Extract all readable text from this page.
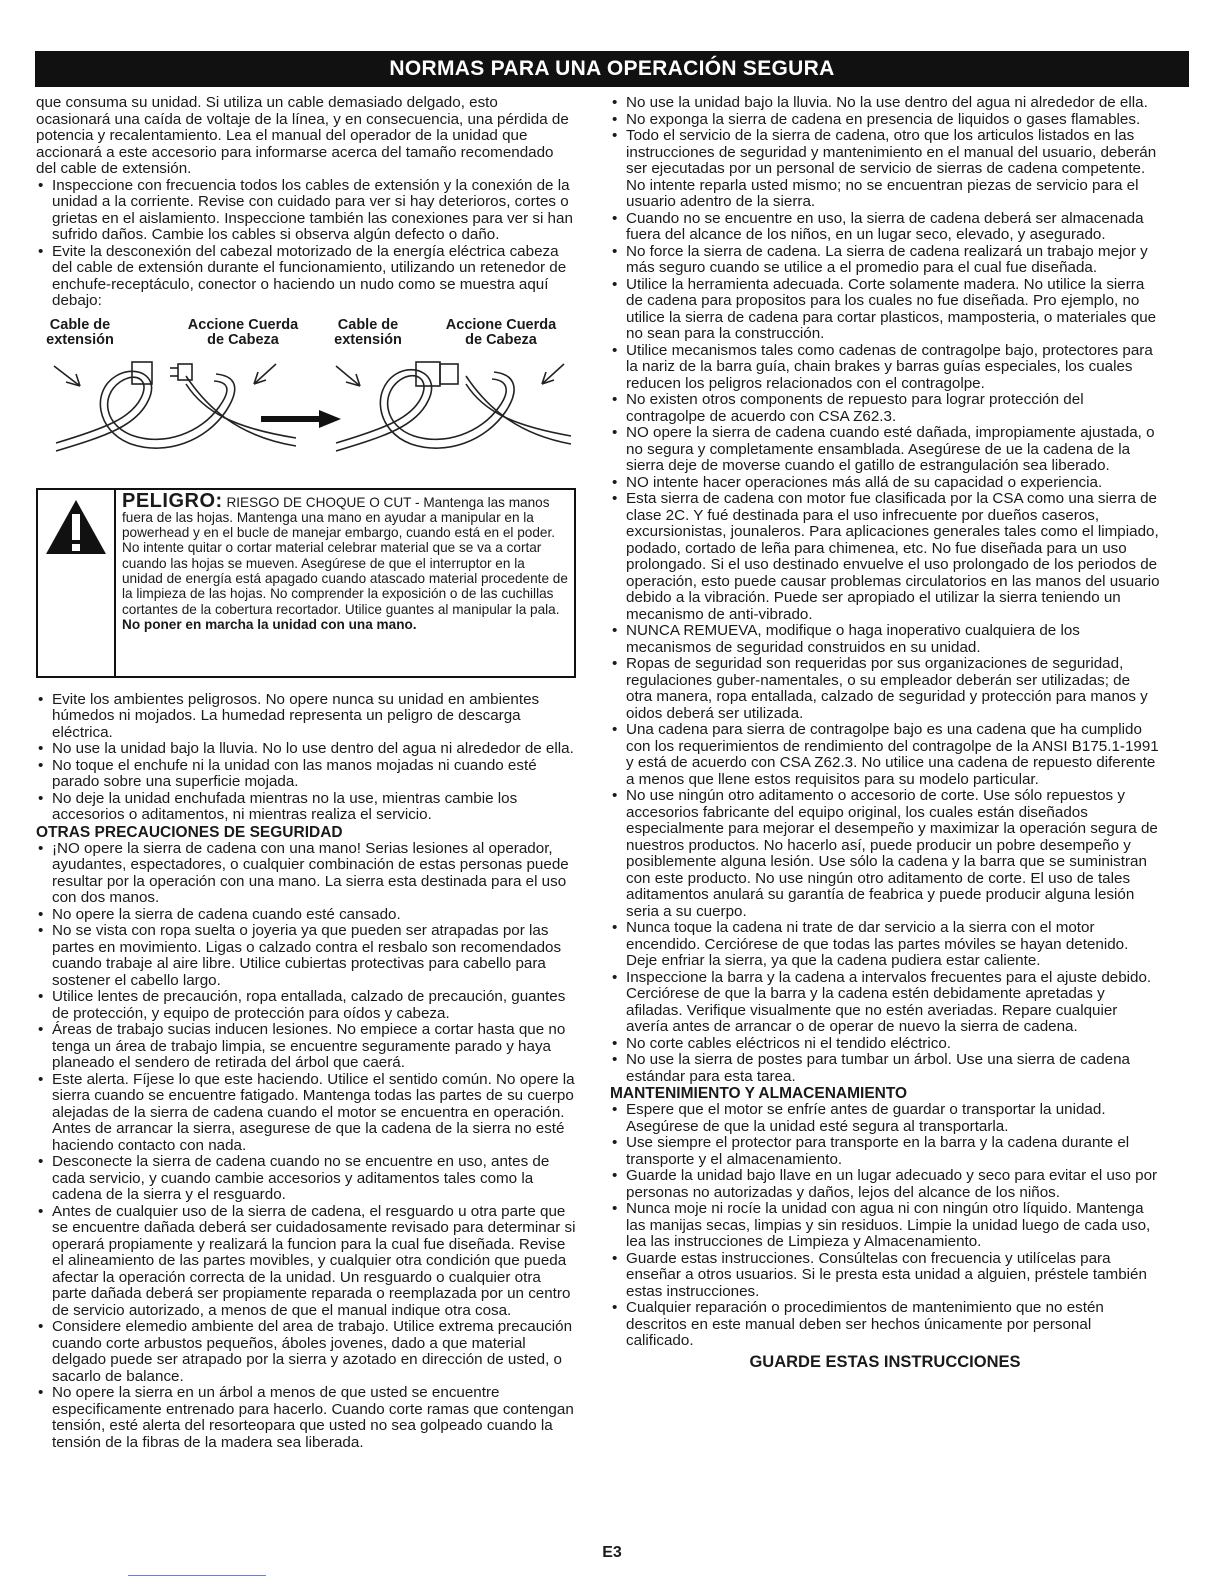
NORMAS PARA UNA OPERACIÓN SEGURA

que consuma su unidad. Si utiliza un cable demasiado delgado, esto ocasionará una caída de voltaje de la línea, y en consecuencia, una pérdida de potencia y recalentamiento. Lea el manual del operador de la unidad que accionará a este accesorio para informarse acerca del tamaño recomendado del cable de extensión.

• Inspeccione con frecuencia todos los cables de extensión y la conexión de la unidad a la corriente. Revise con cuidado para ver si hay deterioros, cortes o grietas en el aislamiento. Inspeccione también las conexiones para ver si han sufrido daños. Cambie los cables si observa algún defecto o daño.
• Evite la desconexión del cabezal motorizado de la energía eléctrica cabeza del cable de extensión durante el funcionamiento, utilizando un retenedor de enchufe-receptáculo, conector o haciendo un nudo como se muestra aquí debajo:
Cable de extensión
Accione Cuerda de Cabeza
Cable de extensión
Accione Cuerda de Cabeza
PELIGRO: RIESGO DE CHOQUE O CUT - Mantenga las manos fuera de las hojas. Mantenga una mano en ayudar a manipular en la powerhead y en el bucle de manejar embargo, cuando está en el poder. No intente quitar o cortar material celebrar material que se va a cortar cuando las hojas se mueven. Asegúrese de que el interruptor en la unidad de energía está apagado cuando atascado material procedente de la limpieza de las hojas. No comprender la exposición o de las cuchillas cortantes de la cobertura recortador. Utilice guantes al manipular la pala. No poner en marcha la unidad con una mano.
• Evite los ambientes peligrosos. No opere nunca su unidad en ambientes húmedos ni mojados. La humedad representa un peligro de descarga eléctrica.
• No use la unidad bajo la lluvia. No lo use dentro del agua ni alrededor de ella.
• No toque el enchufe ni la unidad con las manos mojadas ni cuando esté parado sobre una superficie mojada.
• No deje la unidad enchufada mientras no la use, mientras cambie los accesorios o aditamentos, ni mientras realiza el servicio.
OTRAS PRECAUCIONES DE SEGURIDAD
• ¡NO opere la sierra de cadena con una mano! Serias lesiones al operador, ayudantes, espectadores, o cualquier combinación de estas personas puede resultar por la operación con una mano. La sierra esta destinada para el uso con dos manos.
• No opere la sierra de cadena cuando esté cansado.
• No se vista con ropa suelta o joyeria ya que pueden ser atrapadas por las partes en movimiento. Ligas o calzado contra el resbalo son recomendados cuando trabaje al aire libre. Utilice cubiertas protectivas para cabello para sostener el cabello largo.
• Utilice lentes de precaución, ropa entallada, calzado de precaución, guantes de protección, y equipo de protección para oídos y cabeza.
• Áreas de trabajo sucias inducen lesiones. No empiece a cortar hasta que no tenga un área de trabajo limpia, se encuentre seguramente parado y haya planeado el sendero de retirada del árbol que caerá.
• Este alerta. Fíjese lo que este haciendo. Utilice el sentido común. No opere la sierra cuando se encuentre fatigado. Mantenga todas las partes de su cuerpo alejadas de la sierra de cadena cuando el motor se encuentra en operación. Antes de arrancar la sierra, asegurese de que la cadena de la sierra no esté haciendo contacto con nada.
• Desconecte la sierra de cadena cuando no se encuentre en uso, antes de cada servicio, y cuando cambie accesorios y aditamentos tales como la cadena de la sierra y el resguardo.
• Antes de cualquier uso de la sierra de cadena, el resguardo u otra parte que se encuentre dañada deberá ser cuidadosamente revisado para determinar si operará propiamente y realizará la funcion para la cual fue diseñada. Revise el alineamiento de las partes movibles, y cualquier otra condición que pueda afectar la operación correcta de la unidad. Un resguardo o cualquier otra parte dañada deberá ser propiamente reparada o reemplazada por un centro de servicio autorizado, a menos de que el manual indique otra cosa.
• Considere elemedio ambiente del area de trabajo. Utilice extrema precaución cuando corte arbustos pequeños, áboles jovenes, dado a que material delgado puede ser atrapado por la sierra y azotado en dirección de usted, o sacarlo de balance.
• No opere la sierra en un árbol a menos de que usted se encuentre especificamente entrenado para hacerlo. Cuando corte ramas que contengan tensión, esté alerta del resorteopara que usted no sea golpeado cuando la tensión de la fibras de la madera sea liberada.
• No use la unidad bajo la lluvia. No la use dentro del agua ni alrededor de ella.
• No exponga la sierra de cadena en presencia de liquidos o gases flamables.
• Todo el servicio de la sierra de cadena, otro que los articulos listados en las instrucciones de seguridad y mantenimiento en el manual del usuario, deberán ser ejecutadas por un personal de servicio de sierras de cadena competente. No intente reparla usted mismo; no se encuentran piezas de servicio para el usuario adentro de la sierra.
• Cuando no se encuentre en uso, la sierra de cadena deberá ser almacenada fuera del alcance de los niños, en un lugar seco, elevado, y asegurado.
• No force la sierra de cadena. La sierra de cadena realizará un trabajo mejor y más seguro cuando se utilice a el promedio para el cual fue diseñada.
• Utilice la herramienta adecuada. Corte solamente madera. No utilice la sierra de cadena para propositos para los cuales no fue diseñada. Pro ejemplo, no utilice la sierra de cadena para cortar plasticos, mamposteria, o materiales que no sean para la construcción.
• Utilice mecanismos tales como cadenas de contragolpe bajo, protectores para la nariz de la barra guía, chain brakes y barras guías especiales, los cuales reducen los peligros relacionados con el contragolpe.
• No existen otros components de repuesto para lograr protección del contragolpe de acuerdo con CSA Z62.3.
• NO opere la sierra de cadena cuando esté dañada, impropiamente ajustada, o no segura y completamente ensamblada. Asegúrese de ue la cadena de la sierra deje de moverse cuando el gatillo de estrangulación sea liberado.
• NO intente hacer operaciones más allá de su capacidad o experiencia.
• Esta sierra de cadena con motor fue clasificada por la CSA como una sierra de clase 2C. Y fué destinada para el uso infrecuente por dueños caseros, excursionistas, jounaleros. Para aplicaciones generales tales como el limpiado, podado, cortado de leña para chimenea, etc. No fue diseñada para un uso prolongado. Si el uso destinado envuelve el uso prolongado de los periodos de operación, esto puede causar problemas circulatorios en las manos del usuario debido a la vibración. Puede ser apropiado el utilizar la sierra teniendo un mecanismo de anti-vibrado.
• NUNCA REMUEVA, modifique o haga inoperativo cualquiera de los mecanismos de seguridad construidos en su unidad.
• Ropas de seguridad son requeridas por sus organizaciones de seguridad, regulaciones guber-namentales, o su empleador deberán ser utilizadas; de otra manera, ropa entallada, calzado de seguridad y protección para manos y oidos deberá ser utilizada.
• Una cadena para sierra de contragolpe bajo es una cadena que ha cumplido con los requerimientos de rendimiento del contragolpe de la ANSI B175.1-1991 y está de acuerdo con CSA Z62.3. No utilice una cadena de repuesto diferente a menos que llene estos requisitos para su modelo particular.
• No use ningún otro aditamento o accesorio de corte. Use sólo repuestos y accesorios fabricante del equipo original, los cuales están diseñados especialmente para mejorar el desempeño y maximizar la operación segura de nuestros productos. No hacerlo así, puede producir un pobre desempeño y posiblemente alguna lesión. Use sólo la cadena y la barra que se suministran con este producto. No use ningún otro aditamento de corte. El uso de tales aditamentos anulará su garantía de feabrica y puede producir alguna lesión seria a su cuerpo.
• Nunca toque la cadena ni trate de dar servicio a la sierra con el motor encendido. Cerciórese de que todas las partes móviles se hayan detenido. Deje enfriar la sierra, ya que la cadena pudiera estar caliente.
• Inspeccione la barra y la cadena a intervalos frecuentes para el ajuste debido. Cerciórese de que la barra y la cadena estén debidamente apretadas y afiladas. Verifique visualmente que no estén averiadas. Repare cualquier avería antes de arrancar o de operar de nuevo la sierra de cadena.
• No corte cables eléctricos ni el tendido eléctrico.
• No use la sierra de postes para tumbar un árbol. Use una sierra de cadena estándar para esta tarea.
MANTENIMIENTO Y ALMACENAMIENTO
• Espere que el motor se enfríe antes de guardar o transportar la unidad. Asegúrese de que la unidad esté segura al transportarla.
• Use siempre el protector para transporte en la barra y la cadena durante el transporte y el almacenamiento.
• Guarde la unidad bajo llave en un lugar adecuado y seco para evitar el uso por personas no autorizadas y daños, lejos del alcance de los niños.
• Nunca moje ni rocíe la unidad con agua ni con ningún otro líquido. Mantenga las manijas secas, limpias y sin residuos. Limpie la unidad luego de cada uso, lea las instrucciones de Limpieza y Almacenamiento.
• Guarde estas instrucciones. Consúltelas con frecuencia y utilícelas para enseñar a otros usuarios. Si le presta esta unidad a alguien, préstele también estas instrucciones.
• Cualquier reparación o procedimientos de mantenimiento que no estén descritos en este manual deben ser hechos únicamente por personal calificado.
GUARDE ESTAS INSTRUCCIONES
E3
